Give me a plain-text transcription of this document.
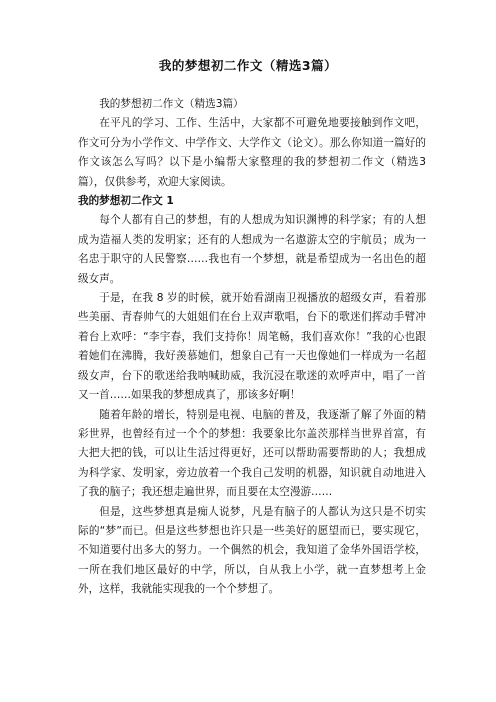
我的梦想初二作文（精选3篇）

我的梦想初二作文（精选3篇）

在平凡的学习、工作、生活中，大家都不可避免地要接触到作文吧，作文可分为小学作文、中学作文、大学作文（论文）。那么你知道一篇好的作文该怎么写吗？以下是小编帮大家整理的我的梦想初二作文（精选3篇），仅供参考，欢迎大家阅读。

我的梦想初二作文 1

每个人都有自己的梦想，有的人想成为知识渊博的科学家；有的人想成为造福人类的发明家；还有的人想成为一名遨游太空的宇航员；成为一名忠于职守的人民警察……我也有一个梦想，就是希望成为一名出色的超级女声。

于是，在我 8 岁的时候，就开始看湖南卫视播放的超级女声，看着那些美丽、青春帅气的大姐姐们在台上双声歌唱，台下的歌迷们挥动手臂冲着台上欢呼：“李宇春，我们支持你！周笔畅，我们喜欢你！”我的心也跟着她们在沸腾，我好羡慕她们，想象自己有一天也像她们一样成为一名超级女声，台下的歌迷给我呐喊助威，我沉浸在歌迷的欢呼声中，唱了一首又一首……如果我的梦想成真了，那该多好啊！

随着年龄的增长，特别是电视、电脑的普及，我逐渐了解了外面的精彩世界，也曾经有过一个个的梦想：我要象比尔盖茨那样当世界首富，有大把大把的钱，可以让生活过得更好，还可以帮助需要帮助的人；我想成为科学家、发明家，旁边放着一个我自己发明的机器，知识就自动地进入了我的脑子；我还想走遍世界，而且要在太空漫游……

但是，这些梦想真是痴人说梦，凡是有脑子的人都认为这只是不切实际的“梦”而已。但是这些梦想也许只是一些美好的愿望而已，要实现它，不知道要付出多大的努力。一个偶然的机会，我知道了金华外国语学校，一所在我们地区最好的中学，所以，自从我上小学，就一直梦想考上金外，这样，我就能实现我的一个个梦想了。
